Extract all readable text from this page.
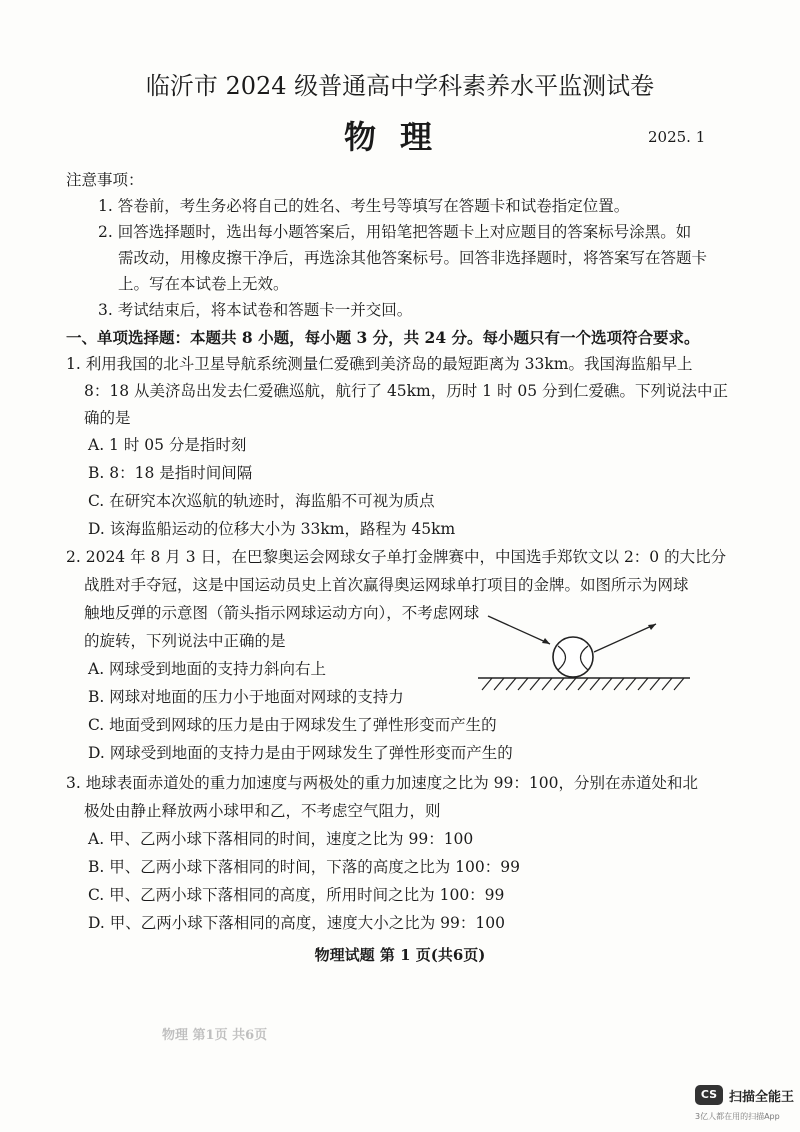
临沂市 2024 级普通高中学科素养水平监测试卷
物理	2025. 1
注意事项：
1. 答卷前，考生务必将自己的姓名、考生号等填写在答题卡和试卷指定位置。
2. 回答选择题时，选出每小题答案后，用铅笔把答题卡上对应题目的答案标号涂黑。如
需改动，用橡皮擦干净后，再选涂其他答案标号。回答非选择题时，将答案写在答题卡
上。写在本试卷上无效。
3. 考试结束后，将本试卷和答题卡一并交回。
一、单项选择题：本题共 8 小题，每小题 3 分，共 24 分。每小题只有一个选项符合要求。
1. 利用我国的北斗卫星导航系统测量仁爱礁到美济岛的最短距离为 33km。我国海监船早上
8：18 从美济岛出发去仁爱礁巡航，航行了 45km，历时 1 时 05 分到仁爱礁。下列说法中正
确的是
A. 1 时 05 分是指时刻
B. 8：18 是指时间间隔
C. 在研究本次巡航的轨迹时，海监船不可视为质点
D. 该海监船运动的位移大小为 33km，路程为 45km
2. 2024 年 8 月 3 日，在巴黎奥运会网球女子单打金牌赛中，中国选手郑钦文以 2：0 的大比分
战胜对手夺冠，这是中国运动员史上首次赢得奥运网球单打项目的金牌。如图所示为网球
触地反弹的示意图（箭头指示网球运动方向），不考虑网球
的旋转，下列说法中正确的是
A. 网球受到地面的支持力斜向右上
B. 网球对地面的压力小于地面对网球的支持力
C. 地面受到网球的压力是由于网球发生了弹性形变而产生的
D. 网球受到地面的支持力是由于网球发生了弹性形变而产生的
3. 地球表面赤道处的重力加速度与两极处的重力加速度之比为 99：100，分别在赤道处和北
极处由静止释放两小球甲和乙，不考虑空气阻力，则
A. 甲、乙两小球下落相同的时间，速度之比为 99：100
B. 甲、乙两小球下落相同的时间，下落的高度之比为 100：99
C. 甲、乙两小球下落相同的高度，所用时间之比为 100：99
D. 甲、乙两小球下落相同的高度，速度大小之比为 99：100
物理试题 第 1 页(共6页)
物理 第1页 共6页
CS 扫描全能王
3亿人都在用的扫描App
